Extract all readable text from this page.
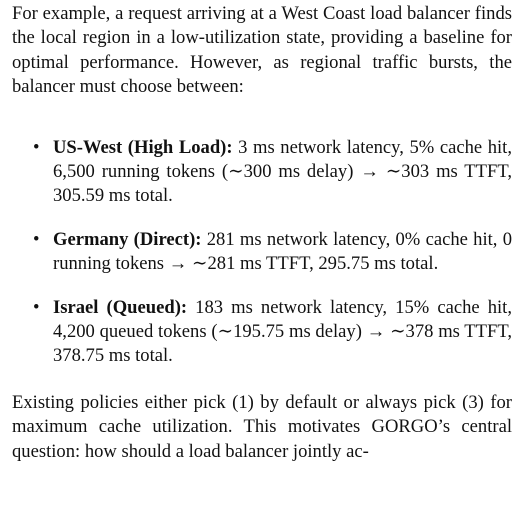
For example, a request arriving at a West Coast load balancer finds the local region in a low-utilization state, providing a baseline for optimal performance. However, as regional traffic bursts, the balancer must choose between:

• US-West (High Load): 3 ms network latency, 5% cache hit, 6,500 running tokens (∼300 ms delay) → ∼303 ms TTFT, 305.59 ms total.
• Germany (Direct): 281 ms network latency, 0% cache hit, 0 running tokens → ∼281 ms TTFT, 295.75 ms total.
• Israel (Queued): 183 ms network latency, 15% cache hit, 4,200 queued tokens (∼195.75 ms delay) → ∼378 ms TTFT, 378.75 ms total.

Existing policies either pick (1) by default or always pick (3) for maximum cache utilization. This motivates GORGO’s central question: how should a load balancer jointly ac-
